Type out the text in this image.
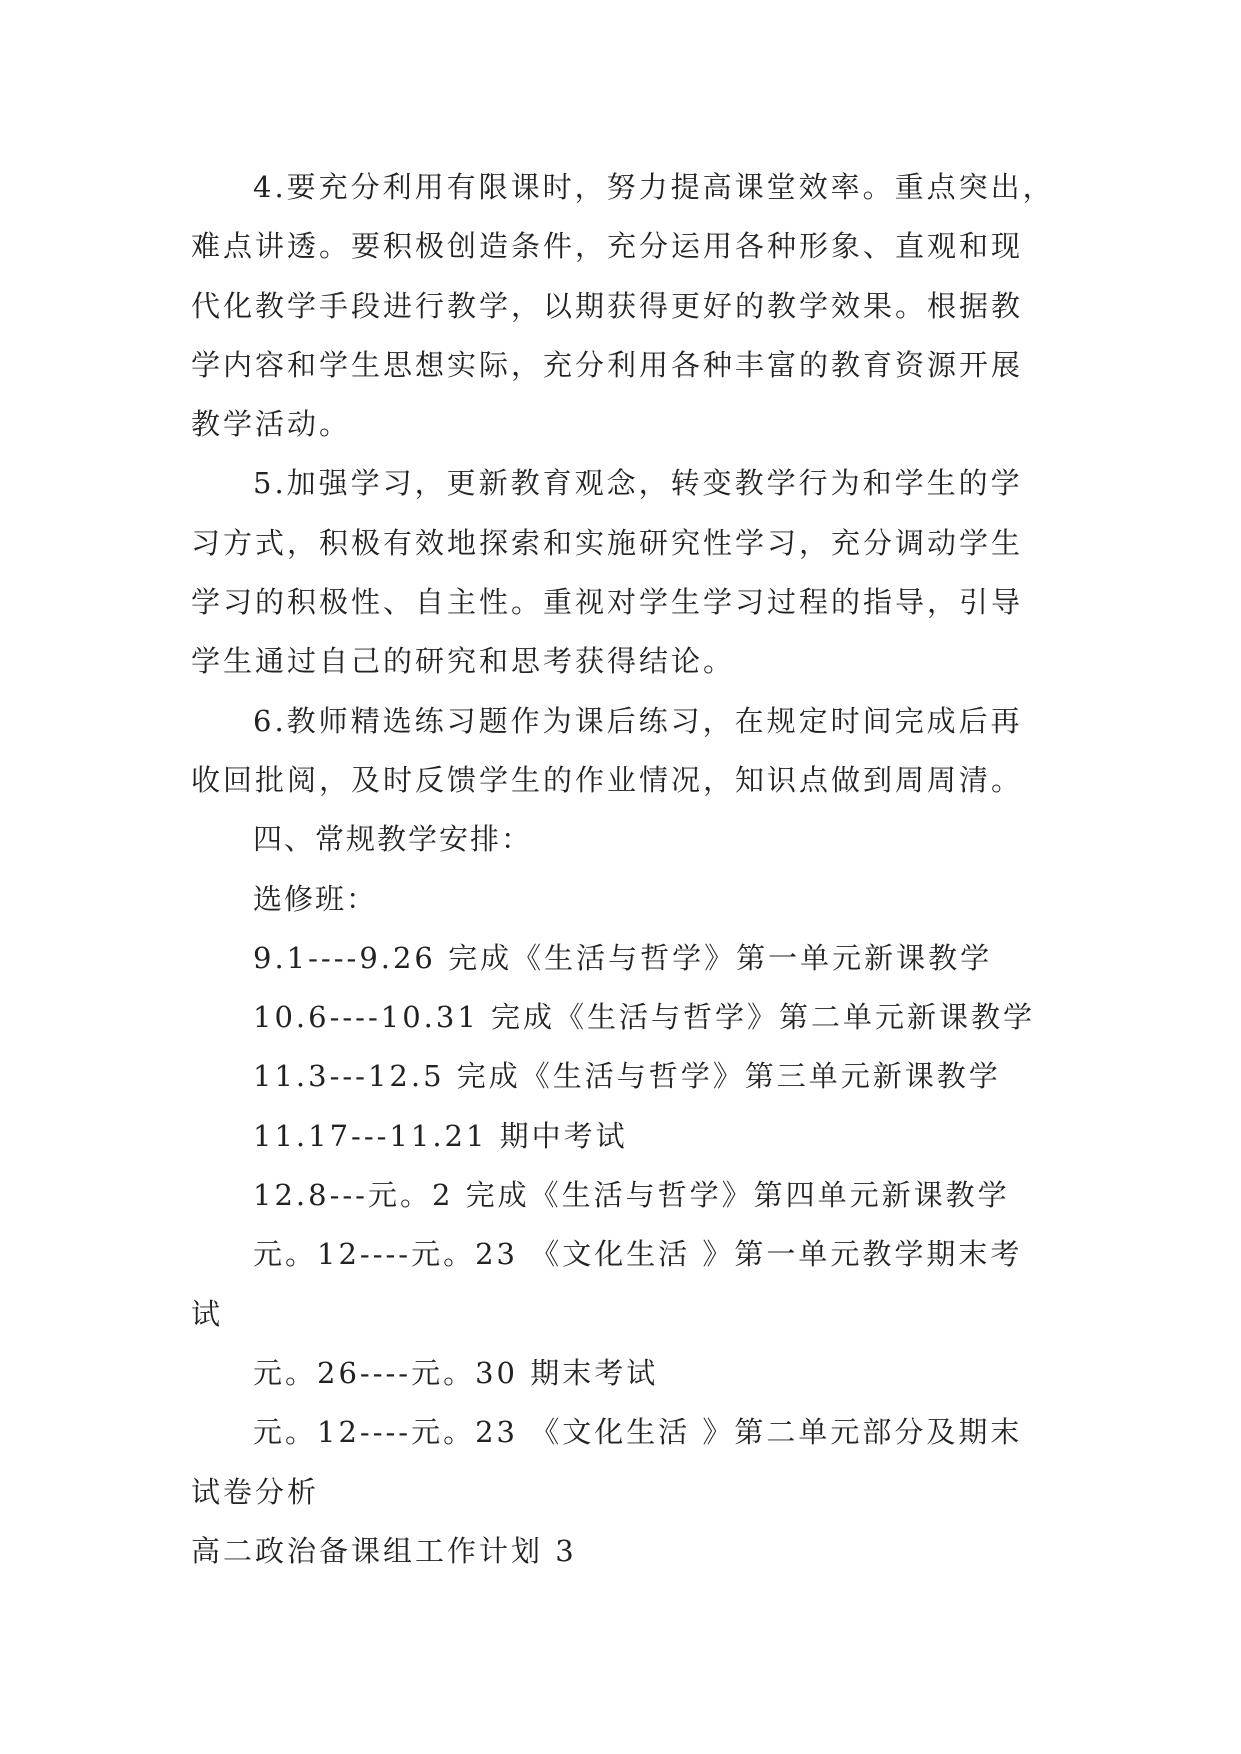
4.要充分利用有限课时，努力提高课堂效率。重点突出，
难点讲透。要积极创造条件，充分运用各种形象、直观和现
代化教学手段进行教学，以期获得更好的教学效果。根据教
学内容和学生思想实际，充分利用各种丰富的教育资源开展
教学活动。
5.加强学习，更新教育观念，转变教学行为和学生的学
习方式，积极有效地探索和实施研究性学习，充分调动学生
学习的积极性、自主性。重视对学生学习过程的指导，引导
学生通过自己的研究和思考获得结论。
6.教师精选练习题作为课后练习，在规定时间完成后再
收回批阅，及时反馈学生的作业情况，知识点做到周周清。
四、常规教学安排：
选修班：
9.1----9.26 完成《生活与哲学》第一单元新课教学
10.6----10.31 完成《生活与哲学》第二单元新课教学
11.3---12.5 完成《生活与哲学》第三单元新课教学
11.17---11.21 期中考试
12.8---元。2 完成《生活与哲学》第四单元新课教学
元。12----元。23 《文化生活 》第一单元教学期末考
试
元。26----元。30 期末考试
元。12----元。23 《文化生活 》第二单元部分及期末
试卷分析
高二政治备课组工作计划 3
